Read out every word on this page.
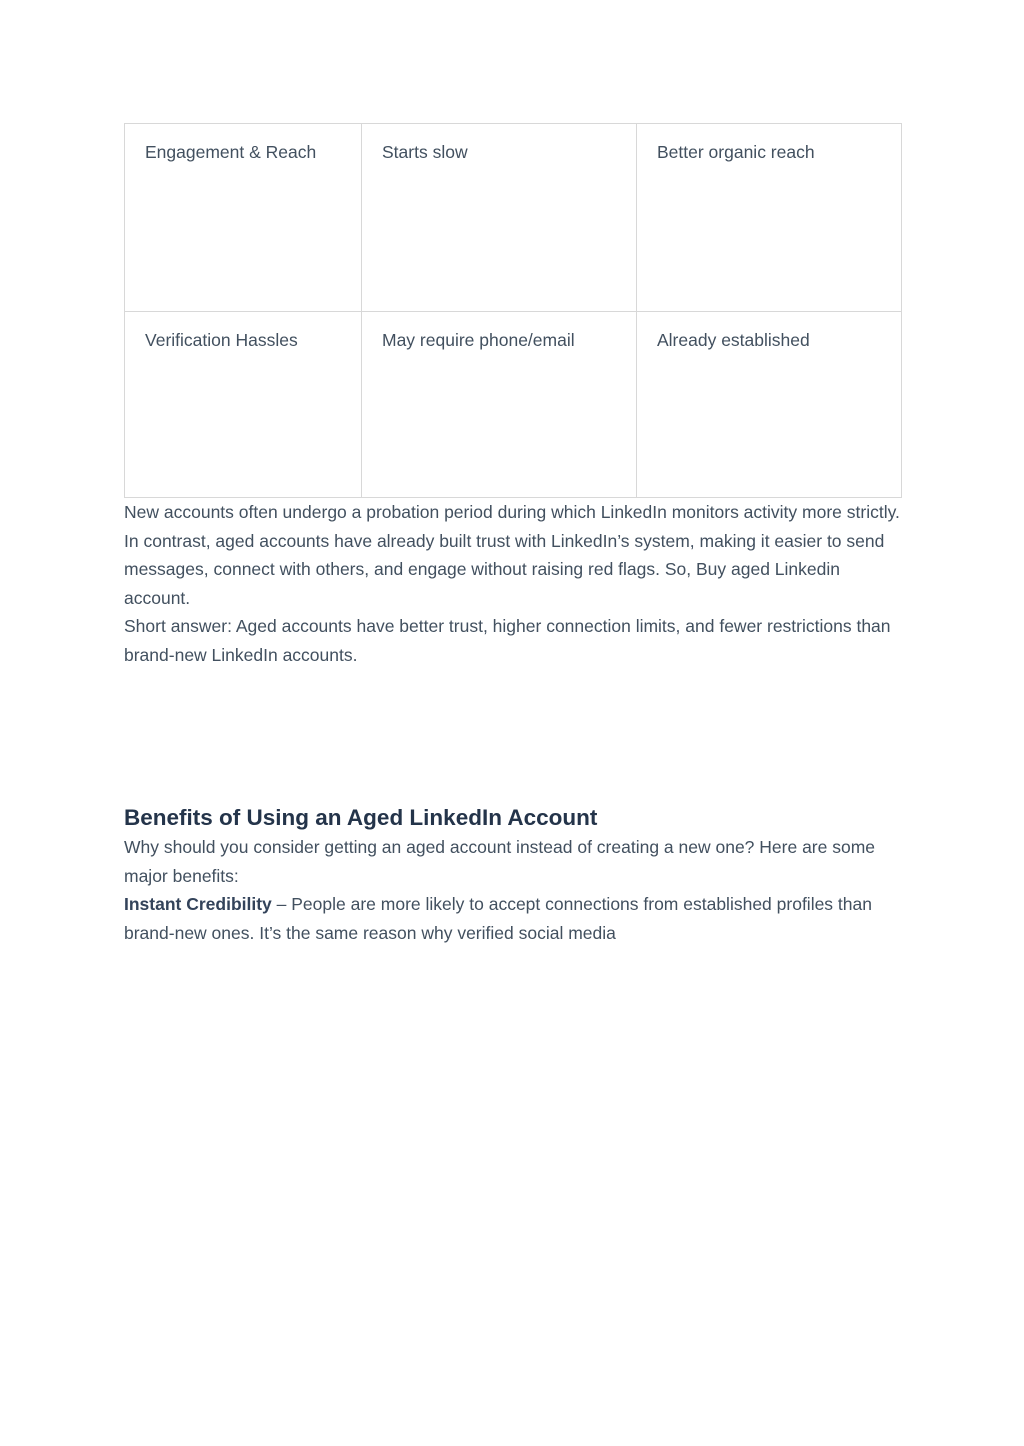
Engagement & Reach	Starts slow	Better organic reach
Verification Hassles	May require phone/email	Already established

New accounts often undergo a probation period during which LinkedIn monitors activity more strictly. In contrast, aged accounts have already built trust with LinkedIn’s system, making it easier to send messages, connect with others, and engage without raising red flags. So, Buy aged Linkedin account.

Short answer: Aged accounts have better trust, higher connection limits, and fewer restrictions than brand-new LinkedIn accounts.

Benefits of Using an Aged LinkedIn Account

Why should you consider getting an aged account instead of creating a new one? Here are some major benefits:

Instant Credibility – People are more likely to accept connections from established profiles than brand-new ones. It’s the same reason why verified social media
